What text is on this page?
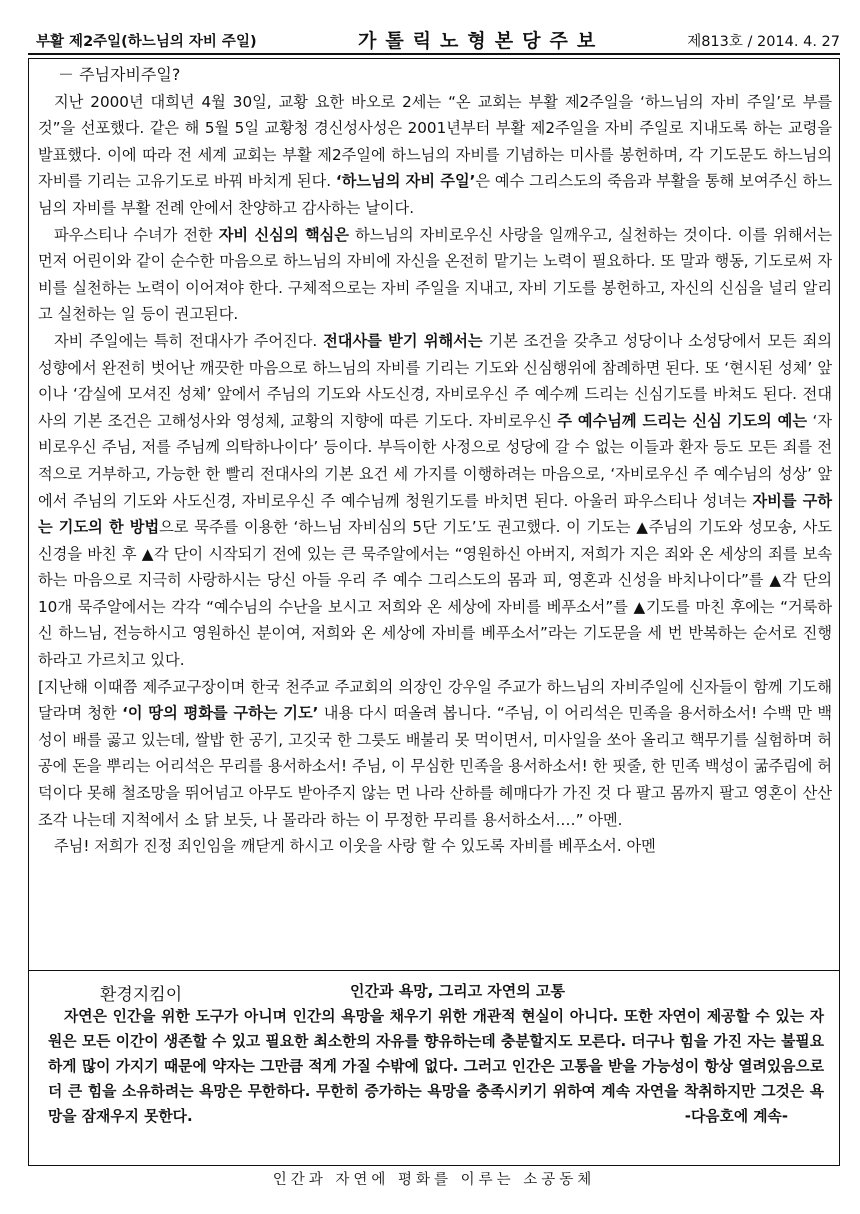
부활 제2주일(하느님의 자비 주일)	가톨릭노형본당주보	제813호 / 2014. 4. 27

－ 주님자비주일?

지난 2000년 대희년 4월 30일, 교황 요한 바오로 2세는 “온 교회는 부활 제2주일을 ‘하느님의 자비 주일’로 부를 것”을 선포했다. 같은 해 5월 5일 교황청 경신성사성은 2001년부터 부활 제2주일을 자비 주일로 지내도록 하는 교령을 발표했다. 이에 따라 전 세계 교회는 부활 제2주일에 하느님의 자비를 기념하는 미사를 봉헌하며, 각 기도문도 하느님의 자비를 기리는 고유기도로 바꿔 바치게 된다. ‘하느님의 자비 주일’은 예수 그리스도의 죽음과 부활을 통해 보여주신 하느님의 자비를 부활 전례 안에서 찬양하고 감사하는 날이다.

파우스티나 수녀가 전한 자비 신심의 핵심은 하느님의 자비로우신 사랑을 일깨우고, 실천하는 것이다. 이를 위해서는 먼저 어린이와 같이 순수한 마음으로 하느님의 자비에 자신을 온전히 맡기는 노력이 필요하다. 또 말과 행동, 기도로써 자비를 실천하는 노력이 이어져야 한다. 구체적으로는 자비 주일을 지내고, 자비 기도를 봉헌하고, 자신의 신심을 널리 알리고 실천하는 일 등이 권고된다.

자비 주일에는 특히 전대사가 주어진다. 전대사를 받기 위해서는 기본 조건을 갖추고 성당이나 소성당에서 모든 죄의 성향에서 완전히 벗어난 깨끗한 마음으로 하느님의 자비를 기리는 기도와 신심행위에 참례하면 된다. 또 ‘현시된 성체’ 앞이나 ‘감실에 모셔진 성체’ 앞에서 주님의 기도와 사도신경, 자비로우신 주 예수께 드리는 신심기도를 바쳐도 된다. 전대사의 기본 조건은 고해성사와 영성체, 교황의 지향에 따른 기도다. 자비로우신 주 예수님께 드리는 신심 기도의 예는 ‘자비로우신 주님, 저를 주님께 의탁하나이다’ 등이다. 부득이한 사정으로 성당에 갈 수 없는 이들과 환자 등도 모든 죄를 전적으로 거부하고, 가능한 한 빨리 전대사의 기본 요건 세 가지를 이행하려는 마음으로, ‘자비로우신 주 예수님의 성상’ 앞에서 주님의 기도와 사도신경, 자비로우신 주 예수님께 청원기도를 바치면 된다. 아울러 파우스티나 성녀는 자비를 구하는 기도의 한 방법으로 묵주를 이용한 ‘하느님 자비심의 5단 기도’도 권고했다. 이 기도는 ▲주님의 기도와 성모송, 사도신경을 바친 후 ▲각 단이 시작되기 전에 있는 큰 묵주알에서는 “영원하신 아버지, 저희가 지은 죄와 온 세상의 죄를 보속하는 마음으로 지극히 사랑하시는 당신 아들 우리 주 예수 그리스도의 몸과 피, 영혼과 신성을 바치나이다”를 ▲각 단의 10개 묵주알에서는 각각 “예수님의 수난을 보시고 저희와 온 세상에 자비를 베푸소서”를 ▲기도를 마친 후에는 “거룩하신 하느님, 전능하시고 영원하신 분이여, 저희와 온 세상에 자비를 베푸소서”라는 기도문을 세 번 반복하는 순서로 진행하라고 가르치고 있다.

[지난해 이때쯤 제주교구장이며 한국 천주교 주교회의 의장인 강우일 주교가 하느님의 자비주일에 신자들이 함께 기도해 달라며 청한 ‘이 땅의 평화를 구하는 기도’ 내용 다시 떠올려 봅니다. “주님, 이 어리석은 민족을 용서하소서! 수백 만 백성이 배를 곯고 있는데, 쌀밥 한 공기, 고깃국 한 그릇도 배불리 못 먹이면서, 미사일을 쏘아 올리고 핵무기를 실험하며 허공에 돈을 뿌리는 어리석은 무리를 용서하소서! 주님, 이 무심한 민족을 용서하소서! 한 핏줄, 한 민족 백성이 굶주림에 허덕이다 못해 철조망을 뛰어넘고 아무도 받아주지 않는 먼 나라 산하를 헤매다가 가진 것 다 팔고 몸까지 팔고 영혼이 산산조각 나는데 지척에서 소 닭 보듯, 나 몰라라 하는 이 무정한 무리를 용서하소서.…” 아멘.

주님! 저희가 진정 죄인임을 깨닫게 하시고 이웃을 사랑 할 수 있도록 자비를 베푸소서. 아멘

환경지킴이	인간과 욕망, 그리고 자연의 고통

자연은 인간을 위한 도구가 아니며 인간의 욕망을 채우기 위한 개관적 현실이 아니다. 또한 자연이 제공할 수 있는 자원은 모든 이간이 생존할 수 있고 필요한 최소한의 자유를 향유하는데 충분할지도 모른다. 더구나 힘을 가진 자는 불필요하게 많이 가지기 때문에 약자는 그만큼 적게 가질 수밖에 없다. 그러고 인간은 고통을 받을 가능성이 항상 열려있음으로 더 큰 힘을 소유하려는 욕망은 무한하다. 무한히 증가하는 욕망을 충족시키기 위하여 계속 자연을 착취하지만 그것은 욕망을 잠재우지 못한다.	-다음호에 계속-
인간과 자연에 평화를 이루는 소공동체
